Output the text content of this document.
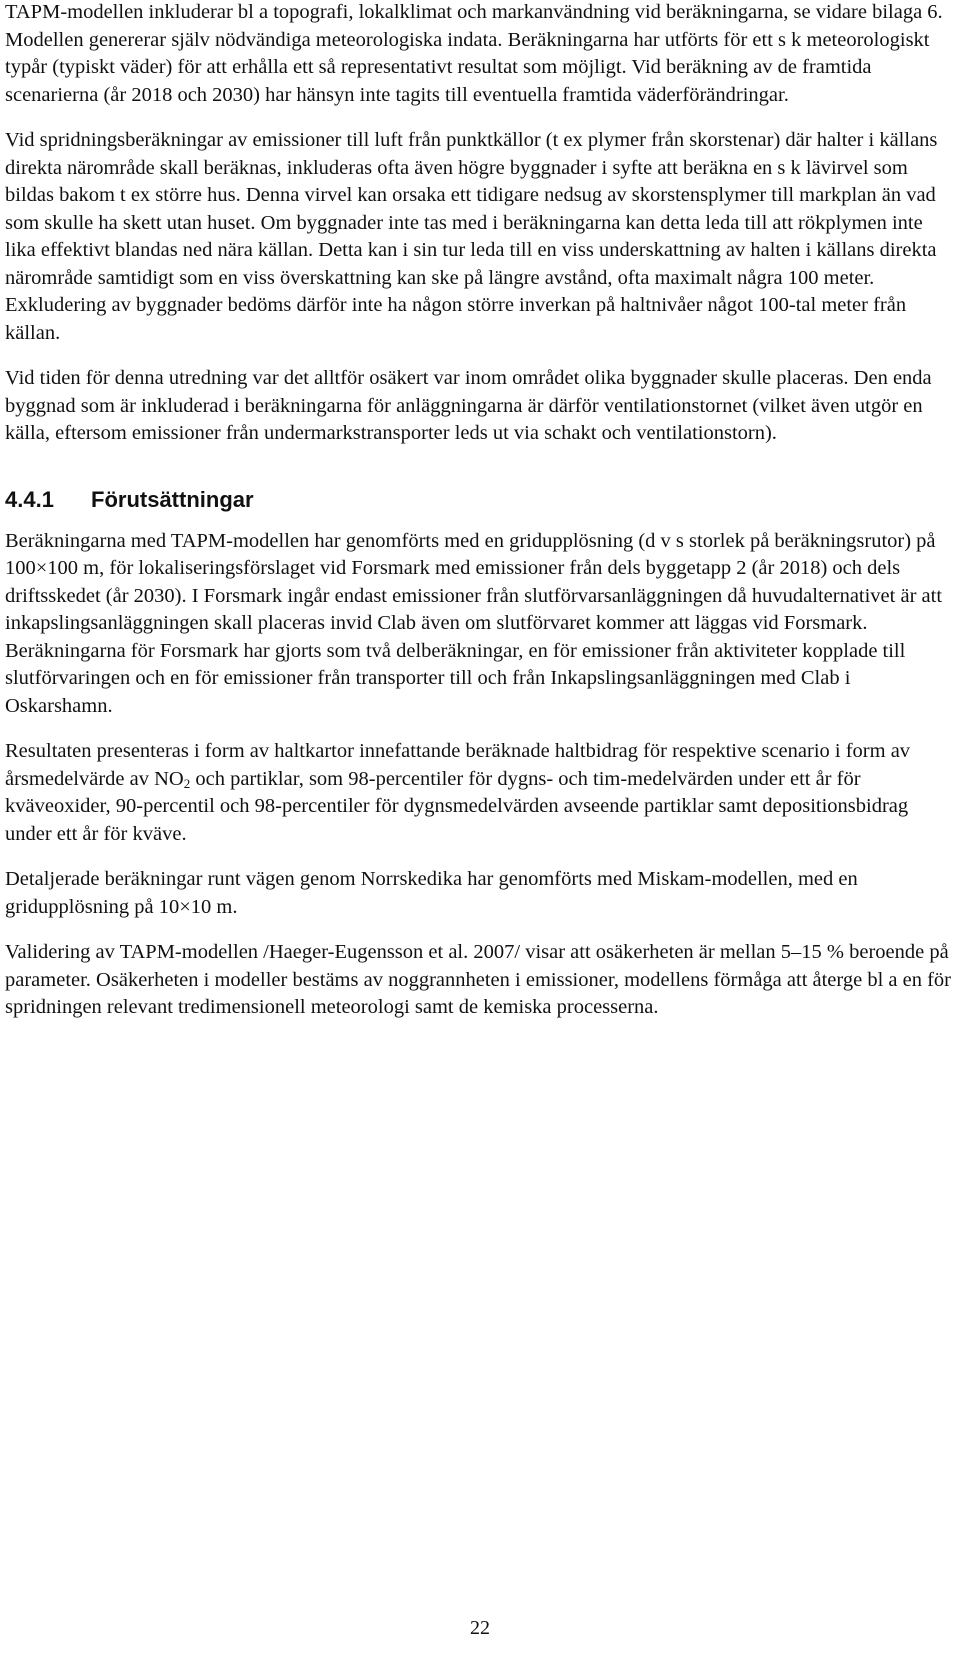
TAPM-modellen inkluderar bl a topografi, lokalklimat och markanvändning vid beräkningarna, se vidare bilaga 6. Modellen genererar själv nödvändiga meteorologiska indata. Beräkningarna har utförts för ett s k meteorologiskt typår (typiskt väder) för att erhålla ett så representativt resultat som möjligt. Vid beräkning av de framtida scenarierna (år 2018 och 2030) har hänsyn inte tagits till eventuella framtida väderförändringar.

Vid spridningsberäkningar av emissioner till luft från punktkällor (t ex plymer från skorstenar) där halter i källans direkta närområde skall beräknas, inkluderas ofta även högre byggnader i syfte att beräkna en s k lävirvel som bildas bakom t ex större hus. Denna virvel kan orsaka ett tidigare nedsug av skorstensplymer till markplan än vad som skulle ha skett utan huset. Om byggnader inte tas med i beräkningarna kan detta leda till att rökplymen inte lika effektivt blandas ned nära källan. Detta kan i sin tur leda till en viss underskattning av halten i källans direkta närområde samtidigt som en viss överskattning kan ske på längre avstånd, ofta maximalt några 100 meter. Exkludering av byggnader bedöms därför inte ha någon större inverkan på haltnivåer något 100-tal meter från källan.

Vid tiden för denna utredning var det alltför osäkert var inom området olika byggnader skulle placeras. Den enda byggnad som är inkluderad i beräkningarna för anläggningarna är därför ventilationstornet (vilket även utgör en källa, eftersom emissioner från undermarkstransporter leds ut via schakt och ventilationstorn).

4.4.1 Förutsättningar

Beräkningarna med TAPM-modellen har genomförts med en gridupplösning (d v s storlek på beräkningsrutor) på 100×100 m, för lokaliseringsförslaget vid Forsmark med emissioner från dels byggetapp 2 (år 2018) och dels driftsskedet (år 2030). I Forsmark ingår endast emissioner från slutförvarsanläggningen då huvudalternativet är att inkapslingsanläggningen skall placeras invid Clab även om slutförvaret kommer att läggas vid Forsmark. Beräkningarna för Forsmark har gjorts som två delberäkningar, en för emissioner från aktiviteter kopplade till slutförvaringen och en för emissioner från transporter till och från Inkapslingsanläggningen med Clab i Oskarshamn.

Resultaten presenteras i form av haltkartor innefattande beräknade haltbidrag för respektive scenario i form av årsmedelvärde av $NO_2$ och partiklar, som 98-percentiler för dygns- och tim-medelvärden under ett år för kväveoxider, 90-percentil och 98-percentiler för dygnsmedelvärden avseende partiklar samt depositionsbidrag under ett år för kväve.

Detaljerade beräkningar runt vägen genom Norrskedika har genomförts med Miskam-modellen, med en gridupplösning på 10×10 m.

Validering av TAPM-modellen /Haeger-Eugensson et al. 2007/ visar att osäkerheten är mellan 5–15 % beroende på parameter. Osäkerheten i modeller bestäms av noggrannheten i emissioner, modellens förmåga att återge bl a en för spridningen relevant tredimensionell meteorologi samt de kemiska processerna.

22
